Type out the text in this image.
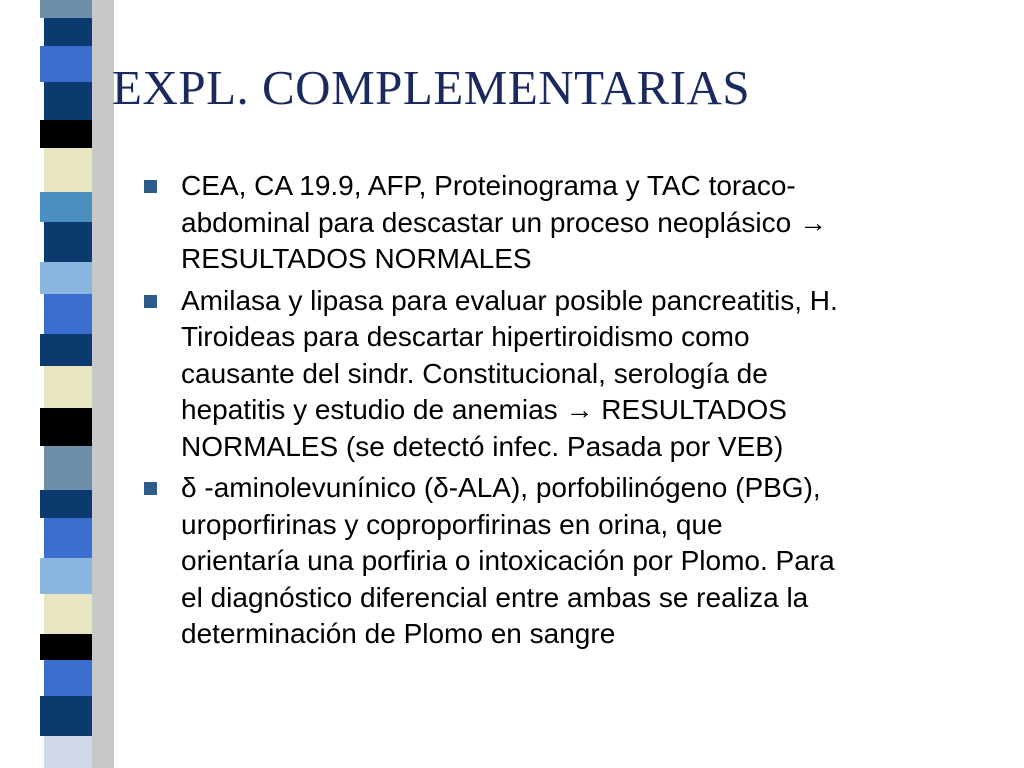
EXPL. COMPLEMENTARIAS
CEA, CA 19.9, AFP, Proteinograma y TAC toraco-
abdominal para descastar un proceso neoplásico →
RESULTADOS NORMALES
Amilasa y lipasa para evaluar posible pancreatitis, H.
Tiroideas para descartar hipertiroidismo como
causante del sindr. Constitucional, serología de
hepatitis y estudio de anemias → RESULTADOS
NORMALES (se detectó infec. Pasada por VEB)
δ -aminolevunínico (δ-ALA), porfobilinógeno (PBG),
uroporfirinas y coproporfirinas en orina, que
orientaría una porfiria o intoxicación por Plomo. Para
el diagnóstico diferencial entre ambas se realiza la
determinación de Plomo en sangre
